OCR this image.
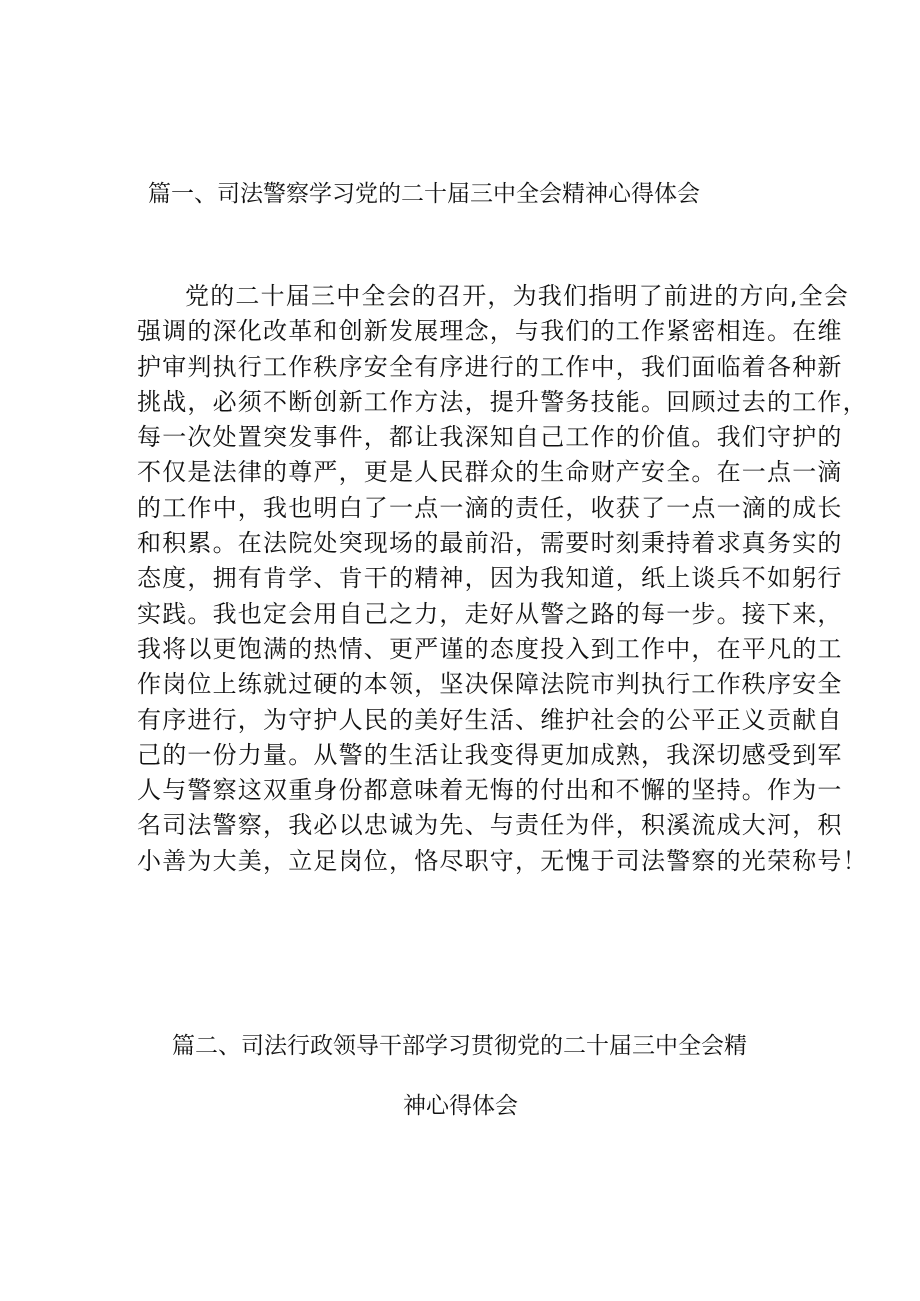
篇一、司法警察学习党的二十届三中全会精神心得体会
党的二十届三中全会的召开，为我们指明了前进的方向,全会
强调的深化改革和创新发展理念，与我们的工作紧密相连。在维
护审判执行工作秩序安全有序进行的工作中，我们面临着各种新
挑战，必须不断创新工作方法，提升警务技能。回顾过去的工作，
每一次处置突发事件，都让我深知自己工作的价值。我们守护的
不仅是法律的尊严，更是人民群众的生命财产安全。在一点一滴
的工作中，我也明白了一点一滴的责任，收获了一点一滴的成长
和积累。在法院处突现场的最前沿，需要时刻秉持着求真务实的
态度，拥有肯学、肯干的精神，因为我知道，纸上谈兵不如躬行
实践。我也定会用自己之力，走好从警之路的每一步。接下来，
我将以更饱满的热情、更严谨的态度投入到工作中，在平凡的工
作岗位上练就过硬的本领，坚决保障法院市判执行工作秩序安全
有序进行，为守护人民的美好生活、维护社会的公平正义贡献自
己的一份力量。从警的生活让我变得更加成熟，我深切感受到军
人与警察这双重身份都意味着无悔的付出和不懈的坚持。作为一
名司法警察，我必以忠诚为先、与责任为伴，积溪流成大河，积
小善为大美，立足岗位，恪尽职守，无愧于司法警察的光荣称号！
篇二、司法行政领导干部学习贯彻党的二十届三中全会精
神心得体会
